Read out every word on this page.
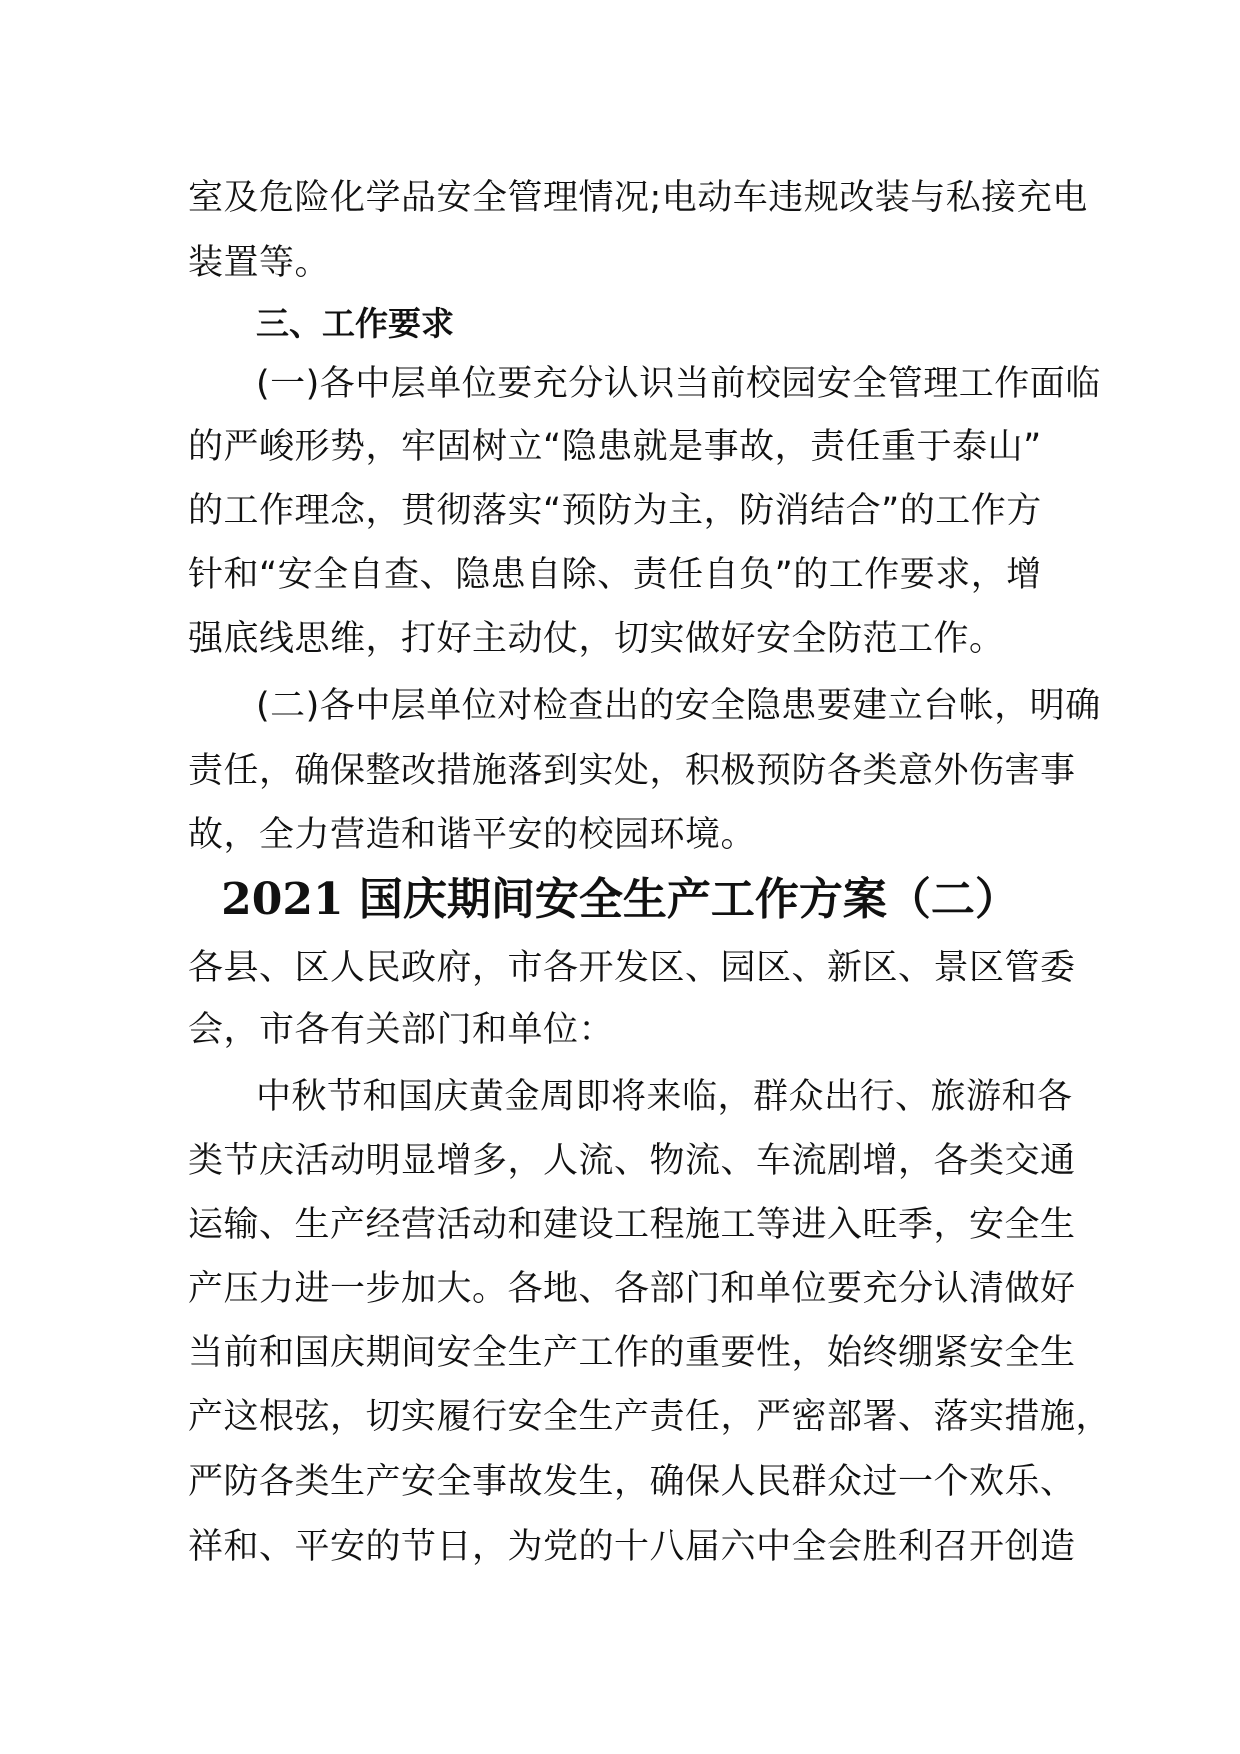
室及危险化学品安全管理情况;电动车违规改装与私接充电
装置等。
三、工作要求
(一)各中层单位要充分认识当前校园安全管理工作面临
的严峻形势，牢固树立“隐患就是事故，责任重于泰山”
的工作理念，贯彻落实“预防为主，防消结合”的工作方
针和“安全自查、隐患自除、责任自负”的工作要求，增
强底线思维，打好主动仗，切实做好安全防范工作。
(二)各中层单位对检查出的安全隐患要建立台帐，明确
责任，确保整改措施落到实处，积极预防各类意外伤害事
故，全力营造和谐平安的校园环境。
2021 国庆期间安全生产工作方案（二）
各县、区人民政府，市各开发区、园区、新区、景区管委
会，市各有关部门和单位：
中秋节和国庆黄金周即将来临，群众出行、旅游和各
类节庆活动明显增多，人流、物流、车流剧增，各类交通
运输、生产经营活动和建设工程施工等进入旺季，安全生
产压力进一步加大。各地、各部门和单位要充分认清做好
当前和国庆期间安全生产工作的重要性，始终绷紧安全生
产这根弦，切实履行安全生产责任，严密部署、落实措施，
严防各类生产安全事故发生，确保人民群众过一个欢乐、
祥和、平安的节日，为党的十八届六中全会胜利召开创造
